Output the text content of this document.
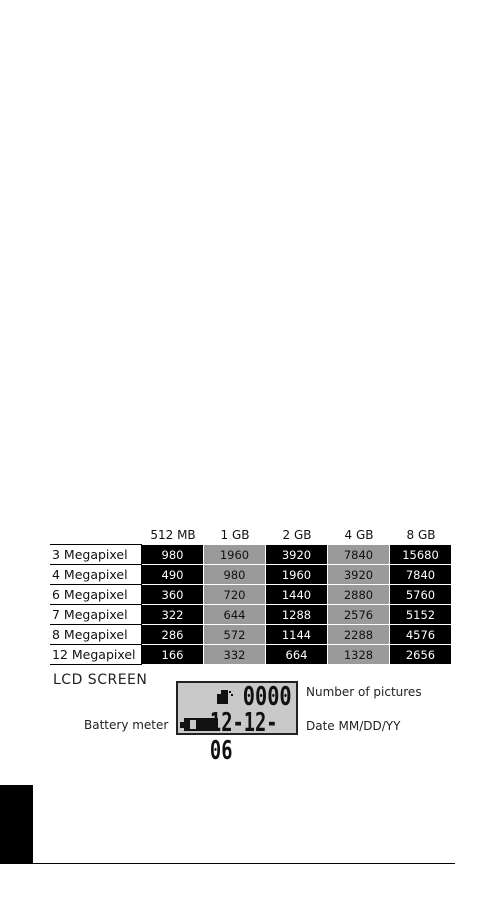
	512 MB	1 GB	2 GB	4 GB	8 GB
3 Megapixel	980	1960	3920	7840	15680
4 Megapixel	490	980	1960	3920	7840
6 Megapixel	360	720	1440	2880	5760
7 Megapixel	322	644	1288	2576	5152
8 Megapixel	286	572	1144	2288	4576
12 Megapixel	166	332	664	1328	2656
LCD SCREEN
0000
12-12-06
Number of pictures
Date MM/DD/YY
Battery meter
